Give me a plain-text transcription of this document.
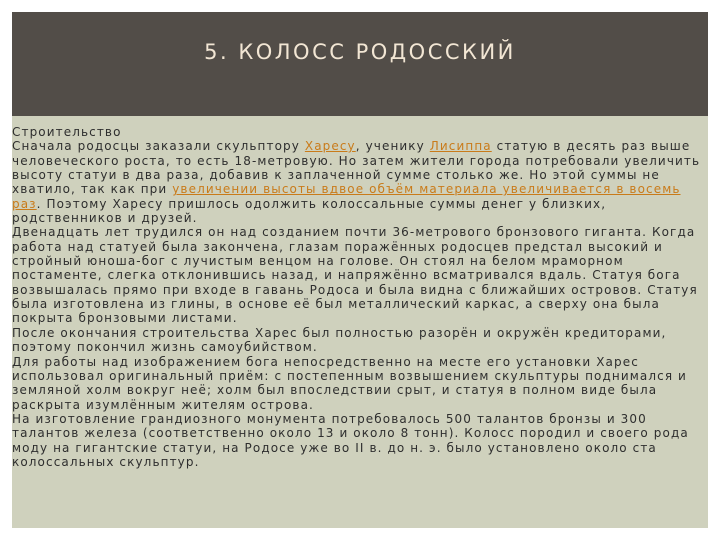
5. КОЛОСС РОДОССКИЙ

Строительство

Сначала родосцы заказали скульптору Харесу, ученику Лисиппа статую в десять раз выше человеческого роста, то есть 18-метровую. Но затем жители города потребовали увеличить высоту статуи в два раза, добавив к заплаченной сумме столько же. Но этой суммы не хватило, так как при увеличении высоты вдвое объём материала увеличивается в восемь раз. Поэтому Харесу пришлось одолжить колоссальные суммы денег у близких, родственников и друзей.

Двенадцать лет трудился он над созданием почти 36-метрового бронзового гиганта. Когда работа над статуей была закончена, глазам поражённых родосцев предстал высокий и стройный юноша-бог с лучистым венцом на голове. Он стоял на белом мраморном постаменте, слегка отклонившись назад, и напряжённо всматривался вдаль. Статуя бога возвышалась прямо при входе в гавань Родоса и была видна с ближайших островов. Статуя была изготовлена из глины, в основе её был металлический каркас, а сверху она была покрыта бронзовыми листами.

После окончания строительства Харес был полностью разорён и окружён кредиторами, поэтому покончил жизнь самоубийством.

Для работы над изображением бога непосредственно на месте его установки Харес использовал оригинальный приём: с постепенным возвышением скульптуры поднимался и земляной холм вокруг неё; холм был впоследствии срыт, и статуя в полном виде была раскрыта изумлённым жителям острова.

На изготовление грандиозного монумента потребовалось 500 талантов бронзы и 300 талантов железа (соответственно около 13 и около 8 тонн). Колосс породил и своего рода моду на гигантские статуи, на Родосе уже во II в. до н. э. было установлено около ста колоссальных скульптур.
